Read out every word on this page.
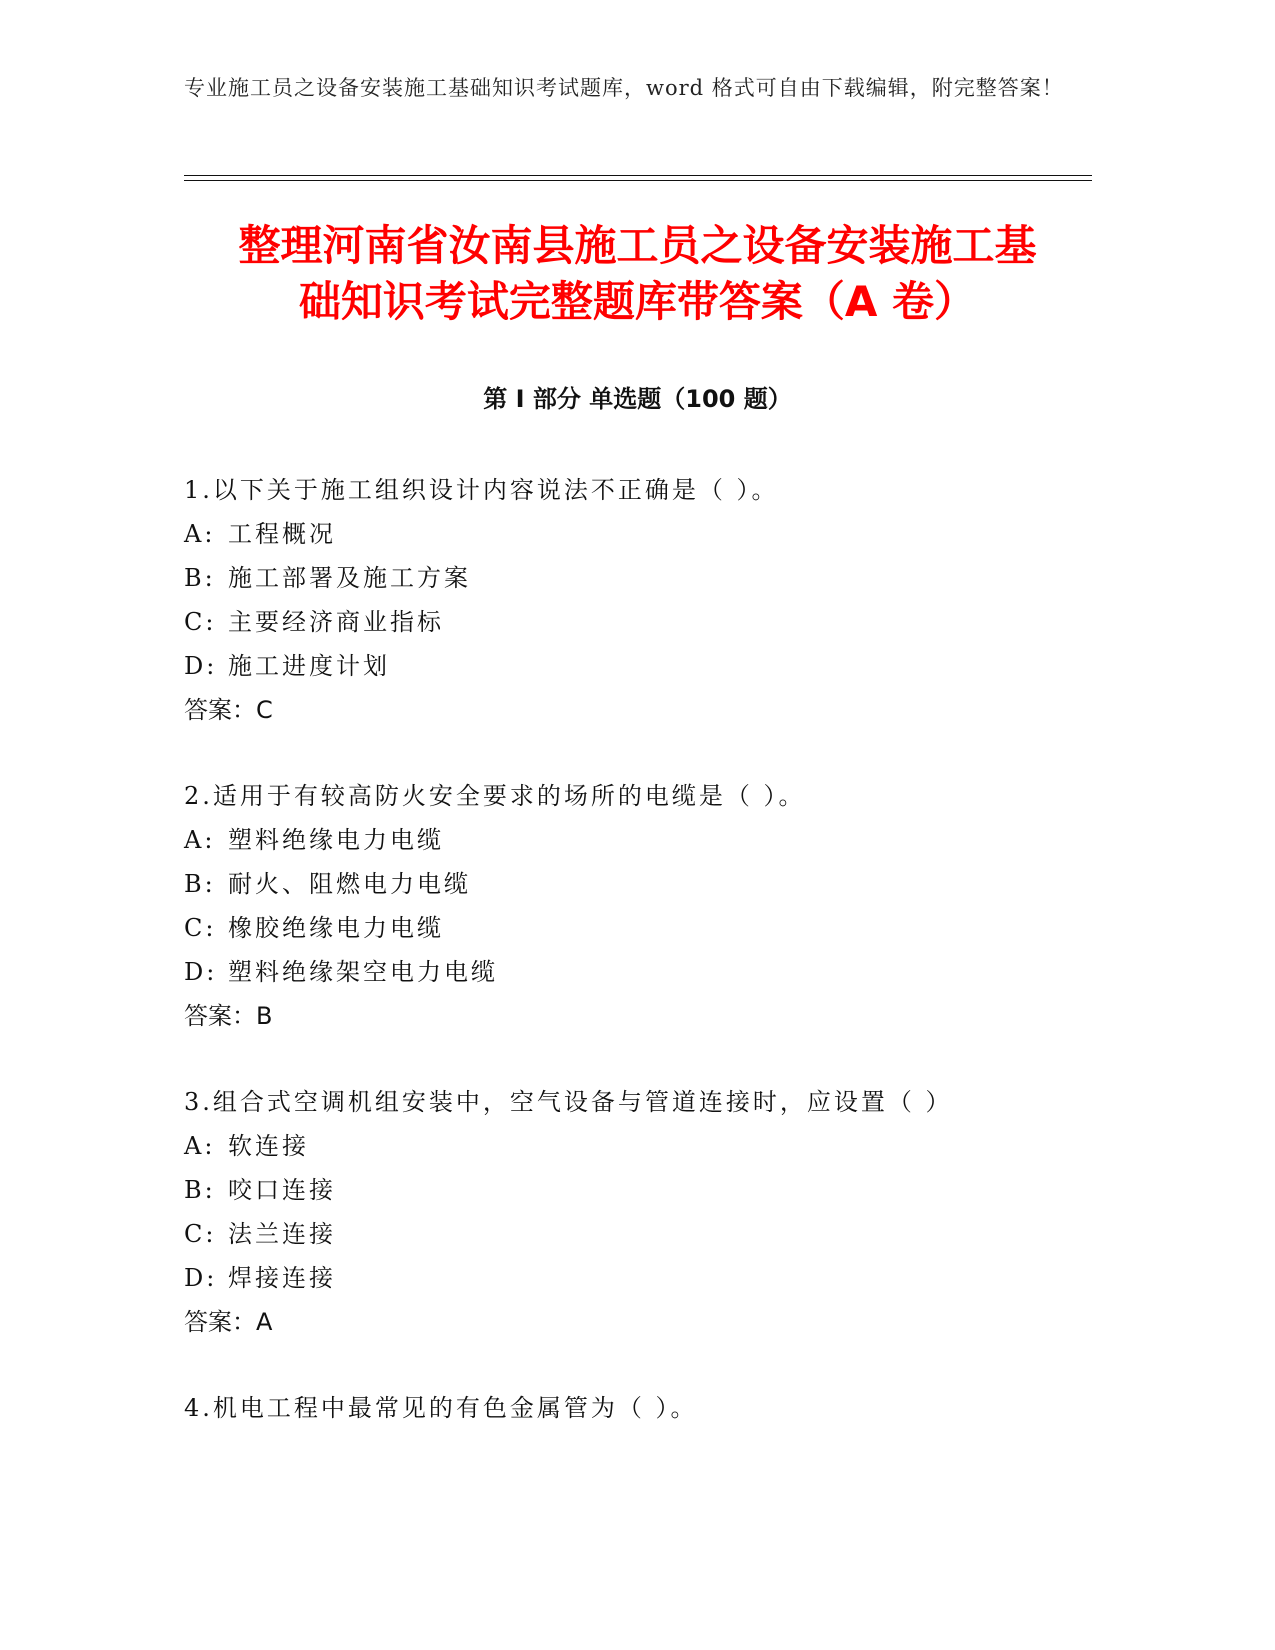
专业施工员之设备安装施工基础知识考试题库，word 格式可自由下载编辑，附完整答案！
整理河南省汝南县施工员之设备安装施工基
础知识考试完整题库带答案（A 卷）
第 I 部分 单选题（100 题）
1.以下关于施工组织设计内容说法不正确是（ ）。
A: 工程概况
B: 施工部署及施工方案
C: 主要经济商业指标
D: 施工进度计划
答案：C
2.适用于有较高防火安全要求的场所的电缆是（ ）。
A: 塑料绝缘电力电缆
B: 耐火、阻燃电力电缆
C: 橡胶绝缘电力电缆
D: 塑料绝缘架空电力电缆
答案：B
3.组合式空调机组安装中，空气设备与管道连接时，应设置（ ）
A: 软连接
B: 咬口连接
C: 法兰连接
D: 焊接连接
答案：A
4.机电工程中最常见的有色金属管为（ ）。
